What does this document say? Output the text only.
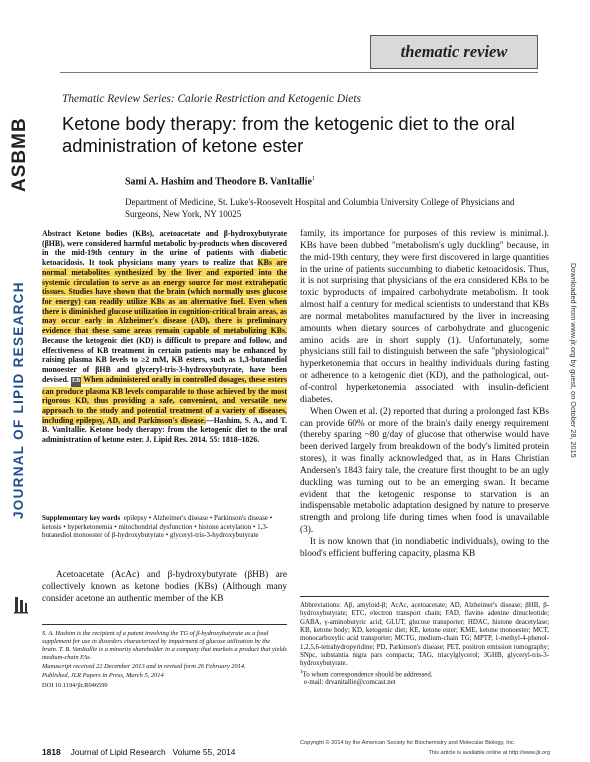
ASBMB
JOURNAL OF LIPID RESEARCH	Downloaded from www.jlr.org by guest, on October 28, 2015
thematic review
Thematic Review Series: Calorie Restriction and Ketogenic Diets
Ketone body therapy: from the ketogenic diet to the oral administration of ketone ester
Sami A. Hashim and Theodore B. VanItallie$^1$
Department of Medicine, St. Luke's-Roosevelt Hospital and Columbia University College of Physicians and Surgeons, New York, NY 10025
Abstract Ketone bodies (KBs), acetoacetate and β-hydroxybutyrate (βHB), were considered harmful metabolic by-products when discovered in the mid-19th century in the urine of patients with diabetic ketoacidosis. It took physicians many years to realize that KBs are normal metabolites synthesized by the liver and exported into the systemic circulation to serve as an energy source for most extrahepatic tissues. Studies have shown that the brain (which normally uses glucose for energy) can readily utilize KBs as an alternative fuel. Even when there is diminished glucose utilization in cognition-critical brain areas, as may occur early in Alzheimer's disease (AD), there is preliminary evidence that these same areas remain capable of metabolizing KBs. Because the ketogenic diet (KD) is difficult to prepare and follow, and effectiveness of KB treatment in certain patients may be enhanced by raising plasma KB levels to ≥2 mM, KB esters, such as 1,3-butanediol monoester of βHB and glyceryl-tris-3-hydroxybutyrate, have been devised. EB When administered orally in controlled dosages, these esters can produce plasma KB levels comparable to those achieved by the most rigorous KD, thus providing a safe, convenient, and versatile new approach to the study and potential treatment of a variety of diseases, including epilepsy, AD, and Parkinson's disease.—Hashim, S. A., and T. B. VanItallie. Ketone body therapy: from the ketogenic diet to the oral administration of ketone ester. J. Lipid Res. 2014. 55: 1818–1826.
Supplementary key words epilepsy • Alzheimer's disease • Parkinson's disease • ketosis • hyperketonemia • mitochondrial dysfunction • histone acetylation • 1,3-butanediol monoester of β-hydroxybutyrate • glyceryl-tris-3-hydroxybutyrate
Acetoacetate (AcAc) and β-hydroxybutyrate (βHB) are collectively known as ketone bodies (KBs) (Although many consider acetone an authentic member of the KB

S. A. Hashim is the recipient of a patent involving the TG of β-hydroxybutyrate as a food supplement for use in disorders characterized by impairment of glucose utilization by the brain. T. B. VanItallie is a minority shareholder in a company that markets a product that yields medium-chain FAs.

Manuscript received 22 December 2013 and in revised form 26 February 2014.

Published, JLR Papers in Press, March 5, 2014

DOI 10.1194/jlr.R046599

family, its importance for purposes of this review is minimal.). KBs have been dubbed "metabolism's ugly duckling" because, in the mid-19th century, they were first discovered in large quantities in the urine of patients succumbing to diabetic ketoacidosis. Thus, it is not surprising that physicians of the era considered KBs to be toxic byproducts of impaired carbohydrate metabolism. It took almost half a century for medical scientists to understand that KBs are normal metabolites manufactured by the liver in increasing amounts when dietary sources of carbohydrate and glucogenic amino acids are in short supply (1). Unfortunately, some physicians still fail to distinguish between the safe "physiological" hyperketonemia that occurs in healthy individuals during fasting or adherence to a ketogenic diet (KD), and the pathological, out-of-control hyperketonemia associated with insulin-deficient diabetes.

When Owen et al. (2) reported that during a prolonged fast KBs can provide 60% or more of the brain's daily energy requirement (thereby sparing ~80 g/day of glucose that otherwise would have been derived largely from breakdown of the body's limited protein stores), it was finally acknowledged that, as in Hans Christian Andersen's 1843 fairy tale, the creature first thought to be an ugly duckling was turning out to be an emerging swan. It became evident that the ketogenic response to starvation is an indispensable metabolic adaptation designed by nature to preserve strength and prolong life during times when food is unavailable (3).

It is now known that (in nondiabetic individuals), owing to the blood's efficient buffering capacity, plasma KB

Abbreviations: Aβ, amyloid-β; AcAc, acetoacetate; AD, Alzheimer's disease; βHB, β-hydroxybutyrate; ETC, electron transport chain; FAD, flavine adenine dinucleotide; GABA, γ-aminobutyric acid; GLUT, glucose transporter; HDAC, histone deacetylase; KB, ketone body; KD, ketogenic diet; KE, ketone ester; KME, ketone monoester; MCT, monocarboxylic acid transporter; MCTG, medium-chain TG; MPTP, 1-methyl-4-phenol-1,2,5,6-tetrahydropyridine; PD, Parkinson's disease; PET, positron emission tomography; SNpc, substantia nigra pars compacta; TAG, triacylglycerol; 3GHB, glyceryl-tris-3-hydroxybutyrate.

$^1$To whom correspondence should be addressed.

e-mail: drvanitallie@comcast.net

Copyright © 2014 by the American Society for Biochemistry and Molecular Biology, Inc.
This article is available online at http://www.jlr.org
1818 Journal of Lipid Research Volume 55, 2014
